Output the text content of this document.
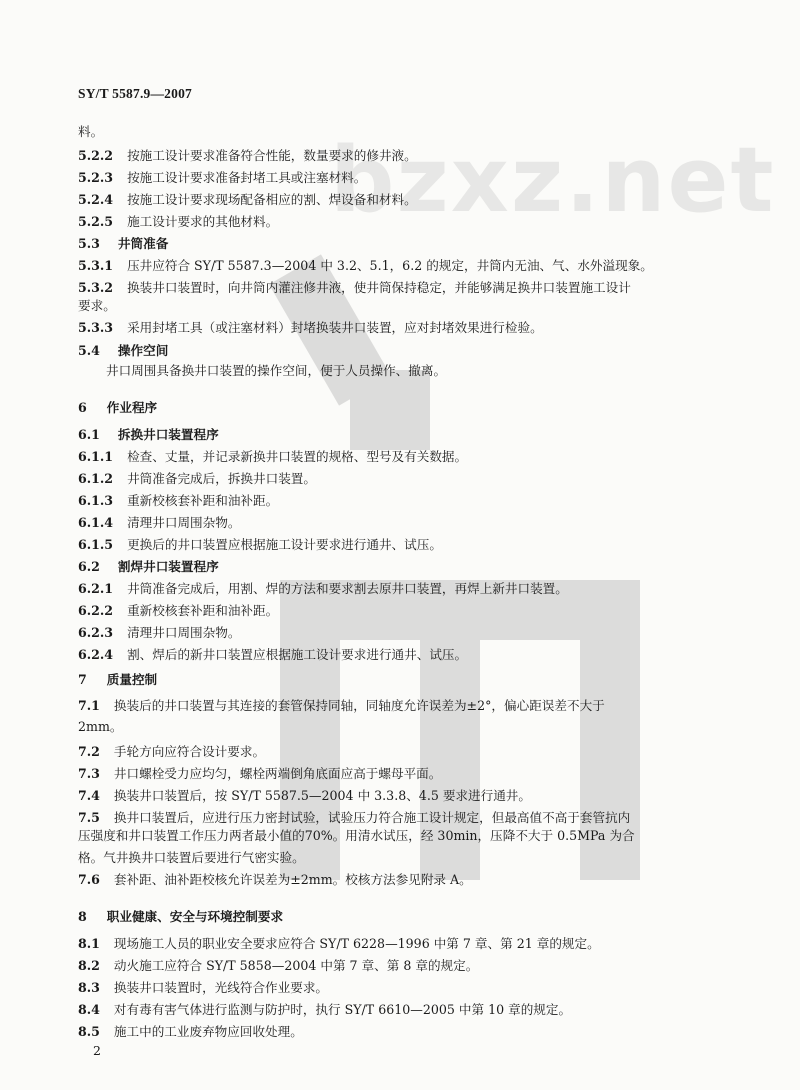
bzxz.net
SY/T 5587.9—2007
料。
5.2.2 按施工设计要求准备符合性能，数量要求的修井液。
5.2.3 按施工设计要求准备封堵工具或注塞材料。
5.2.4 按施工设计要求现场配备相应的割、焊设备和材料。
5.2.5 施工设计要求的其他材料。
5.3 井筒准备
5.3.1 压井应符合 SY/T 5587.3—2004 中 3.2、5.1，6.2 的规定，井筒内无油、气、水外溢现象。
5.3.2 换装井口装置时，向井筒内灌注修井液，使井筒保持稳定，并能够满足换井口装置施工设计
要求。
5.3.3 采用封堵工具（或注塞材料）封堵换装井口装置，应对封堵效果进行检验。
5.4 操作空间
井口周围具备换井口装置的操作空间，便于人员操作、撤离。
6 作业程序
6.1 拆换井口装置程序
6.1.1 检查、丈量，并记录新换井口装置的规格、型号及有关数据。
6.1.2 井筒准备完成后，拆换井口装置。
6.1.3 重新校核套补距和油补距。
6.1.4 清理井口周围杂物。
6.1.5 更换后的井口装置应根据施工设计要求进行通井、试压。
6.2 割焊井口装置程序
6.2.1 井筒准备完成后，用割、焊的方法和要求割去原井口装置，再焊上新井口装置。
6.2.2 重新校核套补距和油补距。
6.2.3 清理井口周围杂物。
6.2.4 割、焊后的新井口装置应根据施工设计要求进行通井、试压。
7 质量控制
7.1 换装后的井口装置与其连接的套管保持同轴，同轴度允许误差为±2°，偏心距误差不大于
2mm。
7.2 手轮方向应符合设计要求。
7.3 井口螺栓受力应均匀，螺栓两端倒角底面应高于螺母平面。
7.4 换装井口装置后，按 SY/T 5587.5—2004 中 3.3.8、4.5 要求进行通井。
7.5 换井口装置后，应进行压力密封试验，试验压力符合施工设计规定，但最高值不高于套管抗内
压强度和井口装置工作压力两者最小值的70%。用清水试压，经 30min，压降不大于 0.5MPa 为合
格。气井换井口装置后要进行气密实验。
7.6 套补距、油补距校核允许误差为±2mm。校核方法参见附录 A。
8 职业健康、安全与环境控制要求
8.1 现场施工人员的职业安全要求应符合 SY/T 6228—1996 中第 7 章、第 21 章的规定。
8.2 动火施工应符合 SY/T 5858—2004 中第 7 章、第 8 章的规定。
8.3 换装井口装置时，光线符合作业要求。
8.4 对有毒有害气体进行监测与防护时，执行 SY/T 6610—2005 中第 10 章的规定。
8.5 施工中的工业废弃物应回收处理。
2
